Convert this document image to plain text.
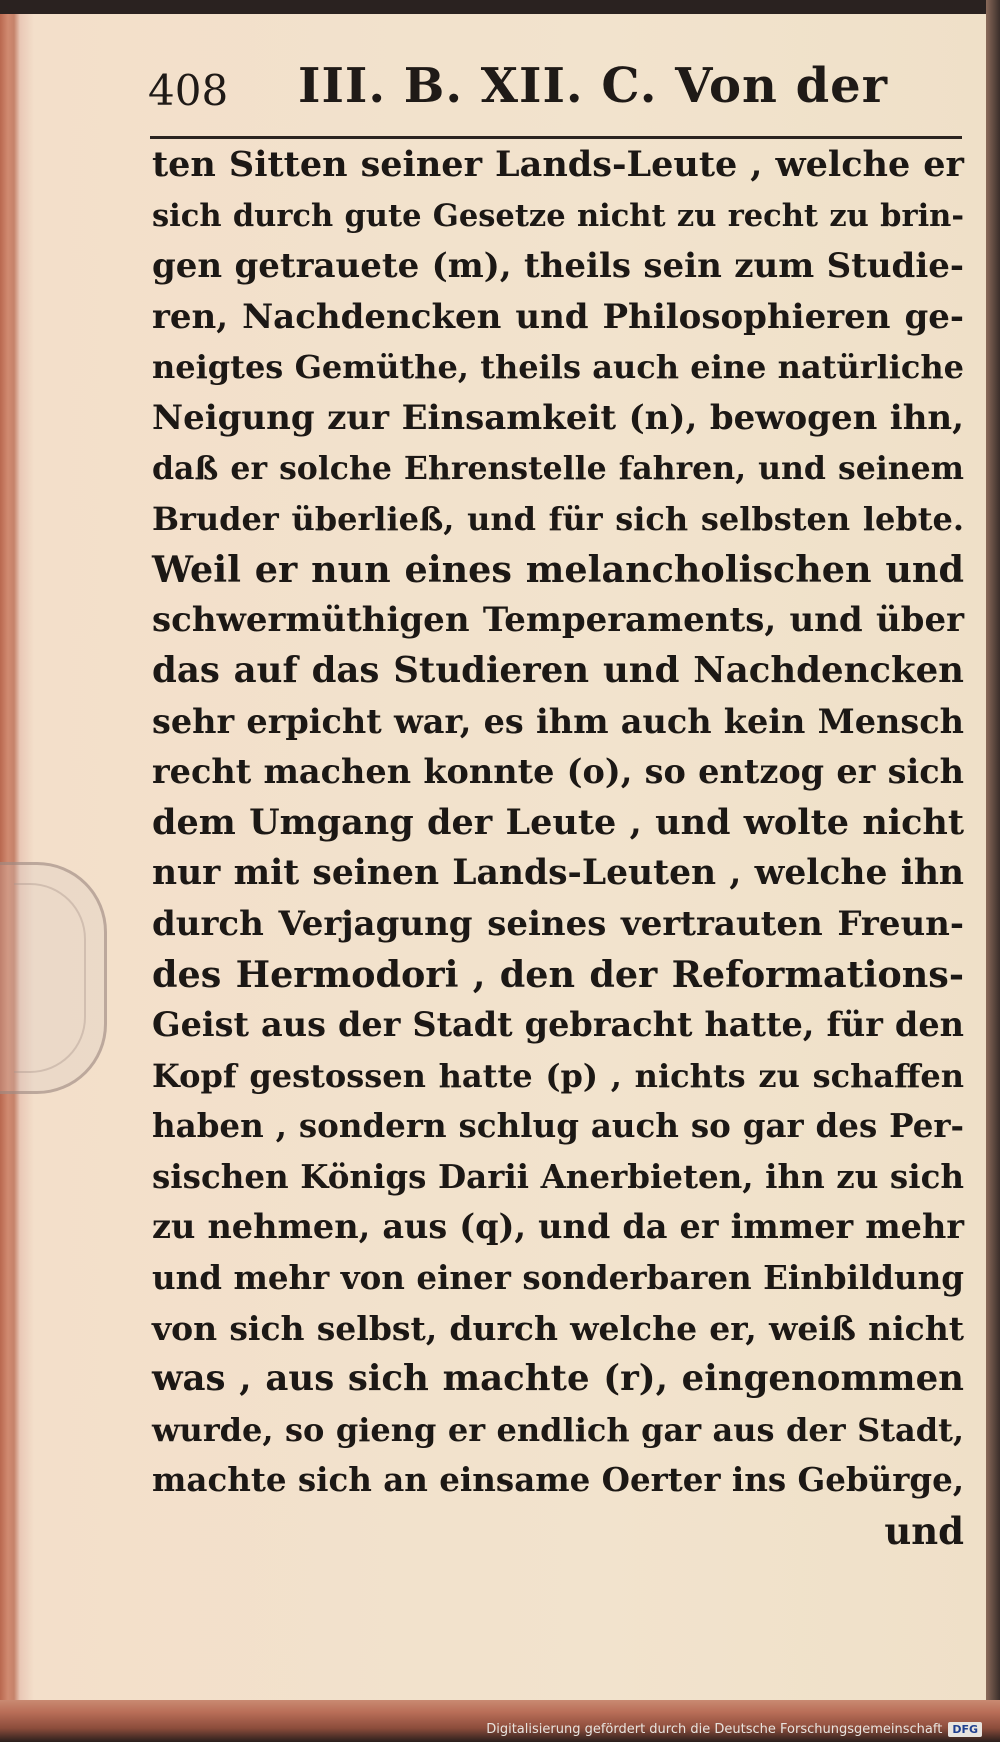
408 III. B. XII. C. Von der
ten Sitten seiner Lands-Leute , welche er
sich durch gute Gesetze nicht zu recht zu brin-
gen getrauete (m), theils sein zum Studie-
ren, Nachdencken und Philosophieren ge-
neigtes Gemüthe, theils auch eine natürliche
Neigung zur Einsamkeit (n), bewogen ihn,
daß er solche Ehrenstelle fahren, und seinem
Bruder überließ, und für sich selbsten lebte.
Weil er nun eines melancholischen und
schwermüthigen Temperaments, und über
das auf das Studieren und Nachdencken
sehr erpicht war, es ihm auch kein Mensch
recht machen konnte (o), so entzog er sich
dem Umgang der Leute , und wolte nicht
nur mit seinen Lands-Leuten , welche ihn
durch Verjagung seines vertrauten Freun-
des Hermodori , den der Reformations-
Geist aus der Stadt gebracht hatte, für den
Kopf gestossen hatte (p) , nichts zu schaffen
haben , sondern schlug auch so gar des Per-
sischen Königs Darii Anerbieten, ihn zu sich
zu nehmen, aus (q), und da er immer mehr
und mehr von einer sonderbaren Einbildung
von sich selbst, durch welche er, weiß nicht
was , aus sich machte (r), eingenommen
wurde, so gieng er endlich gar aus der Stadt,
machte sich an einsame Oerter ins Gebürge,
und
Digitalisierung gefördert durch die Deutsche Forschungsgemeinschaft DFG
